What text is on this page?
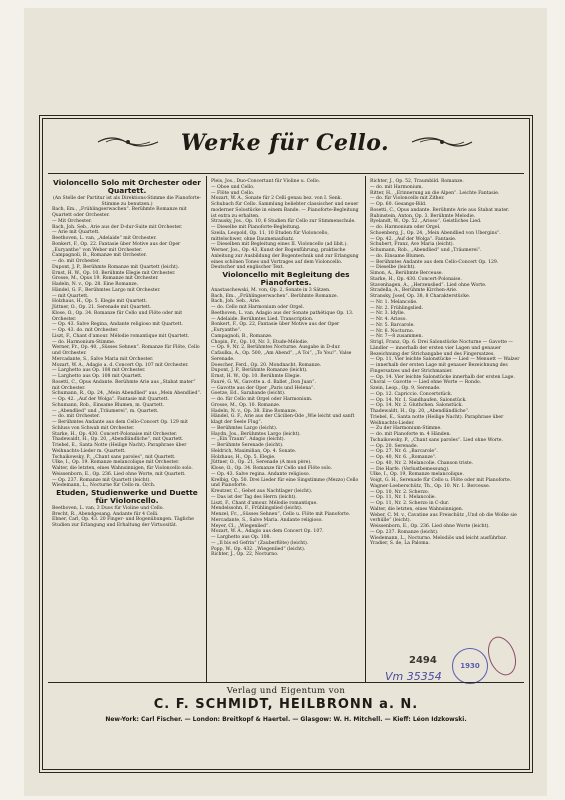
Werke für Cello.

Violoncello Solo mit Orchester oder Quartett.

(An Stelle der Partitur ist als Direktions-Stimme die Pianoforte-Stimme zu benutzen.)

Bach, Em., „Frühlingserwachen“. Berühmte Romanze mit Quartett oder Orchester.

— Mit Orchester.

Bach, Joh. Seb., Arie aus der D-dur-Suite mit Orchester.

— Arie mit Quartett.

Beethoven, L. van, „Adelaide“ mit Orchester.

Bonkert, F., Op. 22. Fantasie über Motive aus der Oper „Euryanthe“ von Weber mit Orchester.

Campagnoli, B., Romanze mit Orchester.

— do. mit Orchester.

Dupont, J. P., Berühmte Romanze mit Quartett (leicht).

Ernst, H. W., Op. 10. Berühmte Elegie mit Orchester.

Grosse, M., Opus 19. Romanze mit Orchester.

Hadeln, N. v., Op. 28. Eine Romanze.

Händel, G. F., Berühmtes Largo mit Orchester.

— mit Quartett.

Holzhaus, H., Op. 5. Elegie mit Quartett.

Jüttner, O., Op. 21. Serenade mit Quartett.

Klose, O., Op. 34. Romanze für Cello und Flöte oder mit Orchester.

— Op. 43. Salve Regina, Andante religioso mit Quartett.

— Op. 43. do. mit Orchester.

Liszt, F., Chant d'amour. Mélodie romantique mit Quartett.

— do. Harmonium-Stimme.

Werner, Fr., Op. 40, „Süsses Sehnen“. Romanze für Flöte, Cello und Orchester.

Mercadante, S., Salve Maria mit Orchester.

Mozart, W. A., Adagio a. d. Concert Op. 107 mit Orchester.

— Larghetto aus Op. 108 mit Orchester.

— Larghetto aus Op. 108 mit Quartett.

Rosetti, C., Opus Andante. Berühmte Arie aus „Stabat mater“ mit Orchester.

Schumann, R., Op. 24, „Mein Abendlied“ aus „Mein Abendlied“.

— Op. 42. „Auf der Wolga“. Fantasie mit Quartett.

Schumann, Rob., Einsame Blumen, m. Quartett.

— „Abendlied“ und „Träumerei“, m. Quartett.

— do. mit Orchester.

— Berühmtes Andante aus dem Cello-Concert Op. 129 mit Schluss von Schwab mit Orchester.

Starke, H., Op. 430. Concert-Polonaise mit Orchester.

Thadewaldt, H., Op. 20, „Abendländliche“, mit Quartett.

Triebel, E., Santa Notte (Heilige Nacht). Paraphrase über Weihnachts-Lieder m. Quartett.

Tschaikowsky, P., „Chant sans paroles“, mit Quartett.

Ulke, I., Op. 19. Romanze melancolique mit Orchester.

Walter, die letzten, eines Wahnsinnigen, für Violoncello solo.

Weissenborn, E., Op. 236. Lied ohne Worte, mit Quartett.

— Op. 237. Romanze mit Quartett (leicht).

Wiedemann, L., Nocturne für Cello m. Orch.

Etuden, Studienwerke und Duette für Violoncello.

Beethoven, L. van, 3 Duos für Violine und Cello.

Brecht, R., Abendgesang. Andante für 4 Celli.

Ebner, Carl, Op. 43. 20 Finger- und Bogenübungen. Tägliche Studien zur Erlangung und Erhaltung der Virtuosität.

Pleis, Jos., Duo-Concertant für Violine u. Cello.

— Oboe und Cello.

— Flöte und Cello.

Mozart, W. A., Sonate für 2 Celli genau bez. von I. Senk.

Schubach für Cello. Sammlung beliebter classischer und neuer moderner Solostücke in einem Bande. — Pianoforte-Begleitung ist extra zu erhalten.

Strausky, Jos., Op. 10, 6 Studien für Cello zur Stimmenschule.

— Dieselbe mit Pianoforte-Begleitung.

Szeila, Leopold, Op. 11, 10 Etuden für Violoncello, mittelschwer, ohne Daumenaufsatz.

— Dieselben mit Begleitung eines II. Violoncello (ad libit.).

Werner, Jos., Op. 43, Kunst der Bogenführung, praktische Anleitung zur Ausbildung der Bogentechnik und zur Erlangung eines schönen Tones und Vortrages auf dem Violoncello. Deutscher und englischer Text.

Violoncello mit Begleitung des Pianofortes.

Anastaschewski, M. von, Op. 2, Sonate in 3 Sätzen.

Bach, Em., „Frühlingserwachen“. Berühmte Romanze.

Bach, Joh. Seb., Arie.

— do. Cello mit Harmonium oder Orgel.

Beethoven, L. van, Adagio aus der Sonate pathétique Op. 13.

— Adelaide. Berühmtes Lied. Transcription.

Bonkert, F., Op. 22, Fantasie über Motive aus der Oper „Euryanthe“.

Campagnoli, B., Romanze.

Chopin, Fr., Op. 10, Nr. 3, Etude-Mélodie.

— Op. 9, Nr. 2, Berühmtes Nocturne. Ausgabe in D-dur.

Cafaulka, A., Op. 500, „Am Abend“, „A Toi“, „To You!“. Valse Serenade.

Doescher, Ferd., Op. 20. Mondnacht. Romanze.

Dupont, J. P., Berühmte Romanze (leicht).

Ernst, H. W., Op. 10. Berühmte Elegie.

Fauré, G. W., Gavotte a. d. Ballet „Don Juan“.

— Gavotte aus der Oper „Paris und Helena“.

Goetze, Ed., Sarabande (leicht).

— do. für Cello mit Orgel oder Harmonium.

Grosse, M., Op. 10. Romanze.

Hadeln, N. v., Op. 38. Eine Romanze.

Händel, G. F., Arie aus der Cäcilien-Ode „Wie leicht und sanft klagt der Seele Flug“.

— Berühmtes Largo (leicht).

Haydn, Jos., Berühmtes Largo (leicht).

— „Ein Traum“. Adagio (leicht).

— Berühmte Serenade (leicht).

Heldrich, Maximilian, Op. 4. Sonate.

Holzhaus, H., Op. 5. Elegie.

Jüttner, O., Op. 21, Serenade (A mon père).

Klose, O., Op. 34. Romanze für Cello und Flöte solo.

— Op. 43. Salve regina. Andante religioso.

Krelbig, Op. 50. Drei Lieder für eine Singstimme (Mezzo) Cello und Pianoforte.

Kreutzer, C., Gebet aus Nachtlager (leicht).

— Das ist der Tag des Herrn (leicht).

Liszt, F., Chant d'amour. Mélodie romantique.

Mendelssohn, F., Frühlingslied (leicht).

Menzel, Fr., „Süsses Sehnen“, Cello u. Flöte mit Pianoforte.

Mercadante, S., Salve Maria. Andante religioso.

Meyer, Cl., „Wiegenlied“.

Mozart, W. A., Adagio aus dem Concert Op. 107.

— Larghetto aus Op. 108.

— „Il bis ed Gefrin“ (Zauberflöte) (leicht).

Popp, W., Op. 432. „Wiegenlied“ (leicht).

Richter, J., Op. 22, Nocturno.

Richter, J., Op. 52, Traumbild. Romanze.

— do. mit Harmonium.

Ritter, H., „Erinnerung an die Alpen“. Leichte Fantasie.

— do. für Violoncello mit Zither.

— Op. 60. Gesangs-Bild.

Rosetti, C., Opus andante. Berühmte Arie aus Stabat mater.

Rubinstein, Anton, Op. 3. Berühmte Melodie.

Ryelandt, W., Op. 52. „Arioso“. Geistliches Lied.

— do. Harmonium oder Orgel.

Schoenberg, J., Op. 24, „Mein Abendlied von Ubergins“.

— Op. 42. „Auf der Wolga“. Fantasie.

Schubert, Franz, Ave Maria (leicht).

Schumann, Rob., „Abendlied“ und „Träumerei“.

— do. Einsame Blumen.

— Berühmtes Andante aus dem Cello-Concert Op. 129.

— Dieselbe (leicht).

Simon, A., Berühmte Berceuse.

Starke, H., Op. 430. Concert-Polonaise.

Stavenhagen, A., „Herzenslied“. Lied ohne Worte.

Stradella, A., Berühmte Kirchen-Arie.

Stransky, Josef, Op. 38, 8 Charakterstücke.

— Nr. 1. Melancolie.

— Nr. 2. Frühlingslied.

— Nr. 3. Idylle.

— Nr. 4. Arioso.

— Nr. 5. Barcarole.

— Nr. 6. Nocturno.

— Nr. 7—8 zusammen.

Strigl, Franz, Op. 6. Drei Salonstücke Nocturne — Gavotte — Ländler — innerhalb der ersten vier Lagen und genauer Bezeichnung der Strichangabe und des Fingersatzes.

— Op. 11, Vier leichte Salonstücke — Lied — Menuett — Walzer — innerhalb der ersten Lage mit genauer Bezeichnung des Fingersatzes und der Strichmanier.

— Op. 14. Vier leichte Salonstücke innerhalb der ersten Lage. Choral — Gavotte — Lied ohne Worte — Rondo.

Szein, Leop., Op. 9, Serenade.

— Op. 12. Capriccio. Concertstück.

— Op. 14. Nr. 1. Sandhaufen. Salonstück.

— Op. 14. Nr. 2. Gluthchen. Salonstück.

Thadewaldt, H., Op. 20, „Abendländliche“.

Triebel, E., Santa notte (Heilige Nacht). Paraphrase über Weihnachts-Lieder.

— Zu der Harmonium-Stimme.

— do. mit Pianoforte m. 4 Händen.

Tschaikowsky, P., „Chant sans paroles“. Lied ohne Worte.

— Op. 20. Serenade.

— Op. 27. Nr. 6. „Barcarole“.

— Op. 40, Nr. 6. „Romanze“.

— Op. 40, Nr. 2. Melancolie. Chanson triste.

— Die Harfe. (Verlustbemessung).

Ulke, I., Op. 19, Romanze melancolique.

Voigt, G. H., Serenade für Cello u. Flöte oder mit Pianoforte.

Wagner-Loeberschütz, Th., Op. 10. Nr. 1. Berceuse.

— Op. 10, Nr. 2. Scherzo.

— Op. 11, Nr. 1. Melancolie.

— Op. 11, Nr. 2. Scherzo in C-dur.

Walter, die letzten, eines Wahnsinnigen.

Weber, C. M. v., Cavatine aus Freischütz „Und ob die Wolke sie verhülle“ (leicht).

Weissenborn, E., Op. 236. Lied ohne Worte (leicht).

— Op. 237. Romanze (leicht).

Wiedemann, L., Nocturno. Melodiös und leicht ausführbar.

Yradier, S. de, La Paloma.

2494
Vm 35354
1930
Verlag und Eigentum von
C. F. SCHMIDT, HEILBRONN a. N.
New-York: Carl Fischer. — London: Breitkopf & Haertel. — Glasgow: W. H. Mitchell. — Kieff: Léon Idzkowski.
